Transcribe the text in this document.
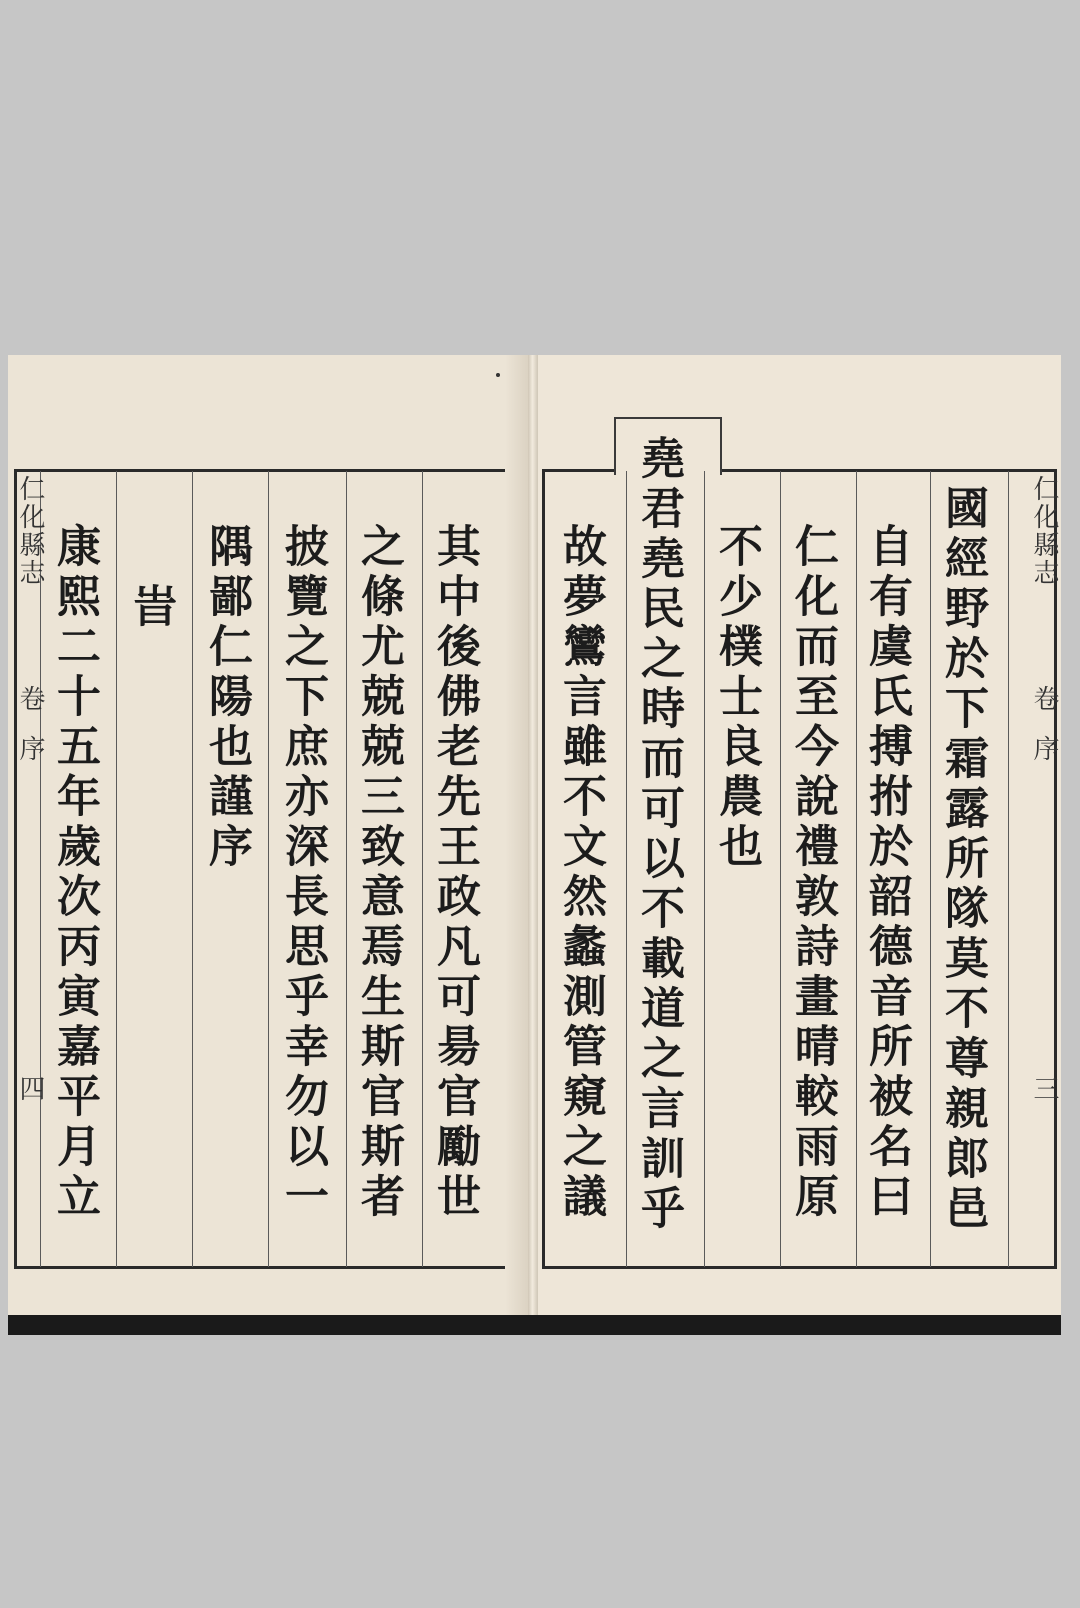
仁化縣志
卷
序
四	其中後佛老先王政凡可昜官勵世
之條尤兢兢三致意焉生斯官斯者
披覽之下庶亦深長思乎幸勿以一
隅鄙仁陽也謹序
旹
康熙二十五年歲次丙寅嘉平月立	仁化縣志
卷
序
三
國經野於下霜露所隊莫不尊親郎邑
自有虞氏搏拊於韶德音所被名曰
仁化而至今說禮敦詩畫晴較雨原
不少樸士良農也
堯君堯民之時而可以不載道之言訓乎
故夢鸞言雖不文然蠡測管窺之議
